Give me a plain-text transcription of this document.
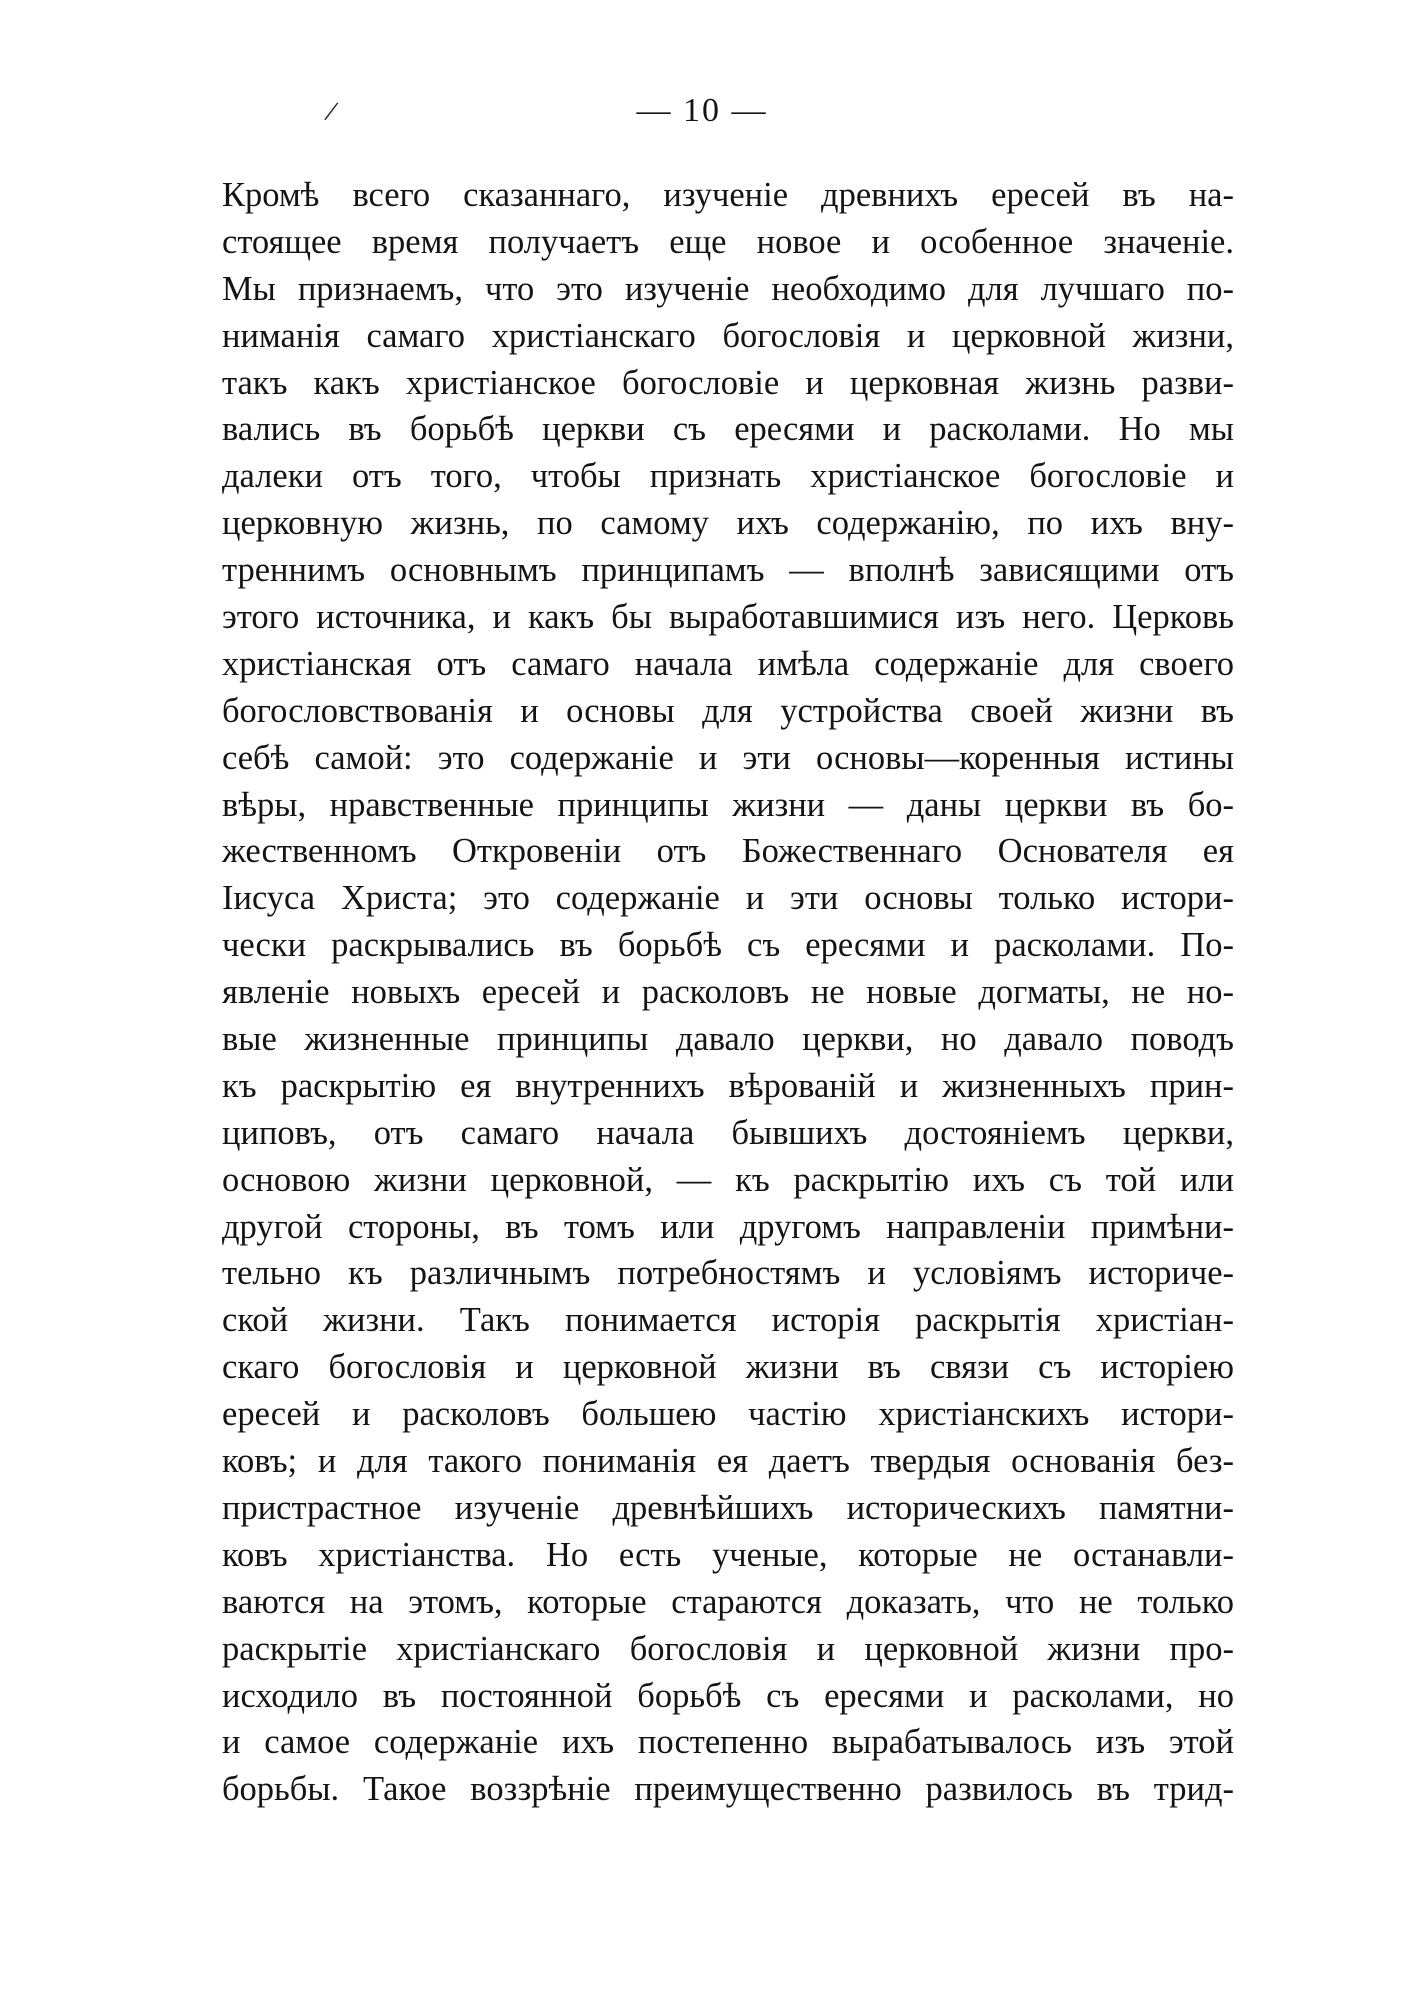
/	— 10 —
Кромѣ всего сказаннаго, изученіе древнихъ ересей въ на-
стоящее время получаетъ еще новое и особенное значеніе.
Мы признаемъ, что это изученіе необходимо для лучшаго по-
ниманія самаго христіанскаго богословія и церковной жизни,
такъ какъ христіанское богословіе и церковная жизнь разви-
вались въ борьбѣ церкви съ ересями и расколами. Но мы
далеки отъ того, чтобы признать христіанское богословіе и
церковную жизнь, по самому ихъ содержанію, по ихъ вну-
треннимъ основнымъ принципамъ — вполнѣ зависящими отъ
этого источника, и какъ бы выработавшимися изъ него. Церковь
христіанская отъ самаго начала имѣла содержаніе для своего
богословствованія и основы для устройства своей жизни въ
себѣ самой: это содержаніе и эти основы—коренныя истины
вѣры, нравственные принципы жизни — даны церкви въ бо-
жественномъ Откровеніи отъ Божественнаго Основателя ея
Іисуса Христа; это содержаніе и эти основы только истори-
чески раскрывались въ борьбѣ съ ересями и расколами. По-
явленіе новыхъ ересей и расколовъ не новые догматы, не но-
вые жизненные принципы давало церкви, но давало поводъ
къ раскрытію ея внутреннихъ вѣрованій и жизненныхъ прин-
циповъ, отъ самаго начала бывшихъ достояніемъ церкви,
основою жизни церковной, — къ раскрытію ихъ съ той или
другой стороны, въ томъ или другомъ направленіи примѣни-
тельно къ различнымъ потребностямъ и условіямъ историче-
ской жизни. Такъ понимается исторія раскрытія христіан-
скаго богословія и церковной жизни въ связи съ исторіею
ересей и расколовъ большею частію христіанскихъ истори-
ковъ; и для такого пониманія ея даетъ твердыя основанія без-
пристрастное изученіе древнѣйшихъ историческихъ памятни-
ковъ христіанства. Но есть ученые, которые не останавли-
ваются на этомъ, которые стараются доказать, что не только
раскрытіе христіанскаго богословія и церковной жизни про-
исходило въ постоянной борьбѣ съ ересями и расколами, но
и самое содержаніе ихъ постепенно вырабатывалось изъ этой
борьбы. Такое воззрѣніе преимущественно развилось въ трид-
